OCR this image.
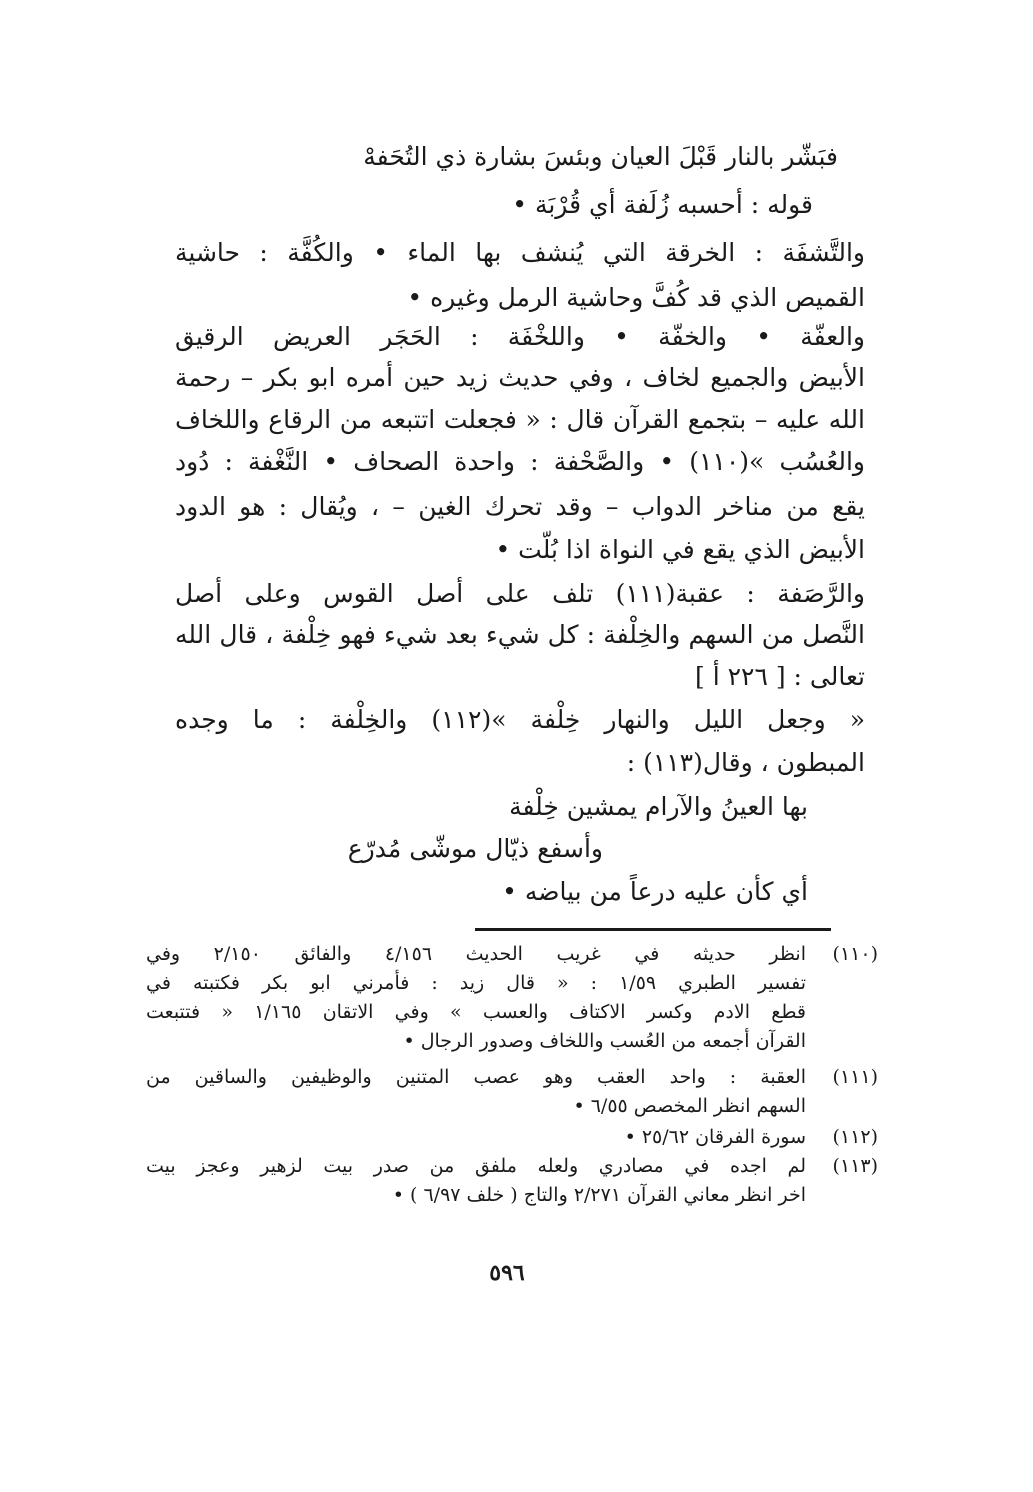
فبَشّر بالنار قَبْلَ العيان وبئسَ بشارة ذي التُحَفهْ
قوله : أحسبه زُلَفة أي قُرْبَة •
والتَّشفَة : الخرقة التي يُنشف بها الماء • والكُفَّة : حاشية
القميص الذي قد كُفَّ وحاشية الرمل وغيره •
والعفّة • والخفّة • واللخْفَة : الحَجَر العريض الرقيق
الأبيض والجميع لخاف ، وفي حديث زيد حين أمره ابو بكر – رحمة
الله عليه – بتجمع القرآن قال : « فجعلت اتتبعه من الرقاع واللخاف
والعُسُب »(١١٠) • والصَّحْفة : واحدة الصحاف • النَّغْفة : دُود
يقع من مناخر الدواب – وقد تحرك الغين – ، ويُقال : هو الدود
الأبيض الذي يقع في النواة اذا بُلّت •
والرَّصَفة : عقبة(١١١) تلف على أصل القوس وعلى أصل
النَّصل من السهم والخِلْفة : كل شيء بعد شيء فهو خِلْفة ، قال الله
تعالى : [ ٢٢٦ أ ]
« وجعل الليل والنهار خِلْفة »(١١٢) والخِلْفة : ما وجده
المبطون ، وقال(١١٣) :
بها العينُ والآرام يمشين خِلْفة
وأسفع ذيّال موشّى مُدرّع
أي كأن عليه درعاً من بياضه •
(١١٠)
انظر حديثه في غريب الحديث ٤/١٥٦ والفائق ٢/١٥٠ وفي
تفسير الطبري ١/٥٩ : « قال زيد : فأمرني ابو بكر فكتبته في
قطع الادم وكسر الاكتاف والعسب » وفي الاتقان ١/١٦٥ « فتتبعت
القرآن أجمعه من العُسب واللخاف وصدور الرجال •
(١١١)
العقبة : واحد العقب وهو عصب المتنين والوظيفين والساقين من
السهم انظر المخصص ٦/٥٥ •
(١١٢)
سورة الفرقان ٢٥/٦٢ •
(١١٣)
لم اجده في مصادري ولعله ملفق من صدر بيت لزهير وعجز بيت
اخر انظر معاني القرآن ٢/٢٧١ والتاج ( خلف ٦/٩٧ ) •
٥٩٦
